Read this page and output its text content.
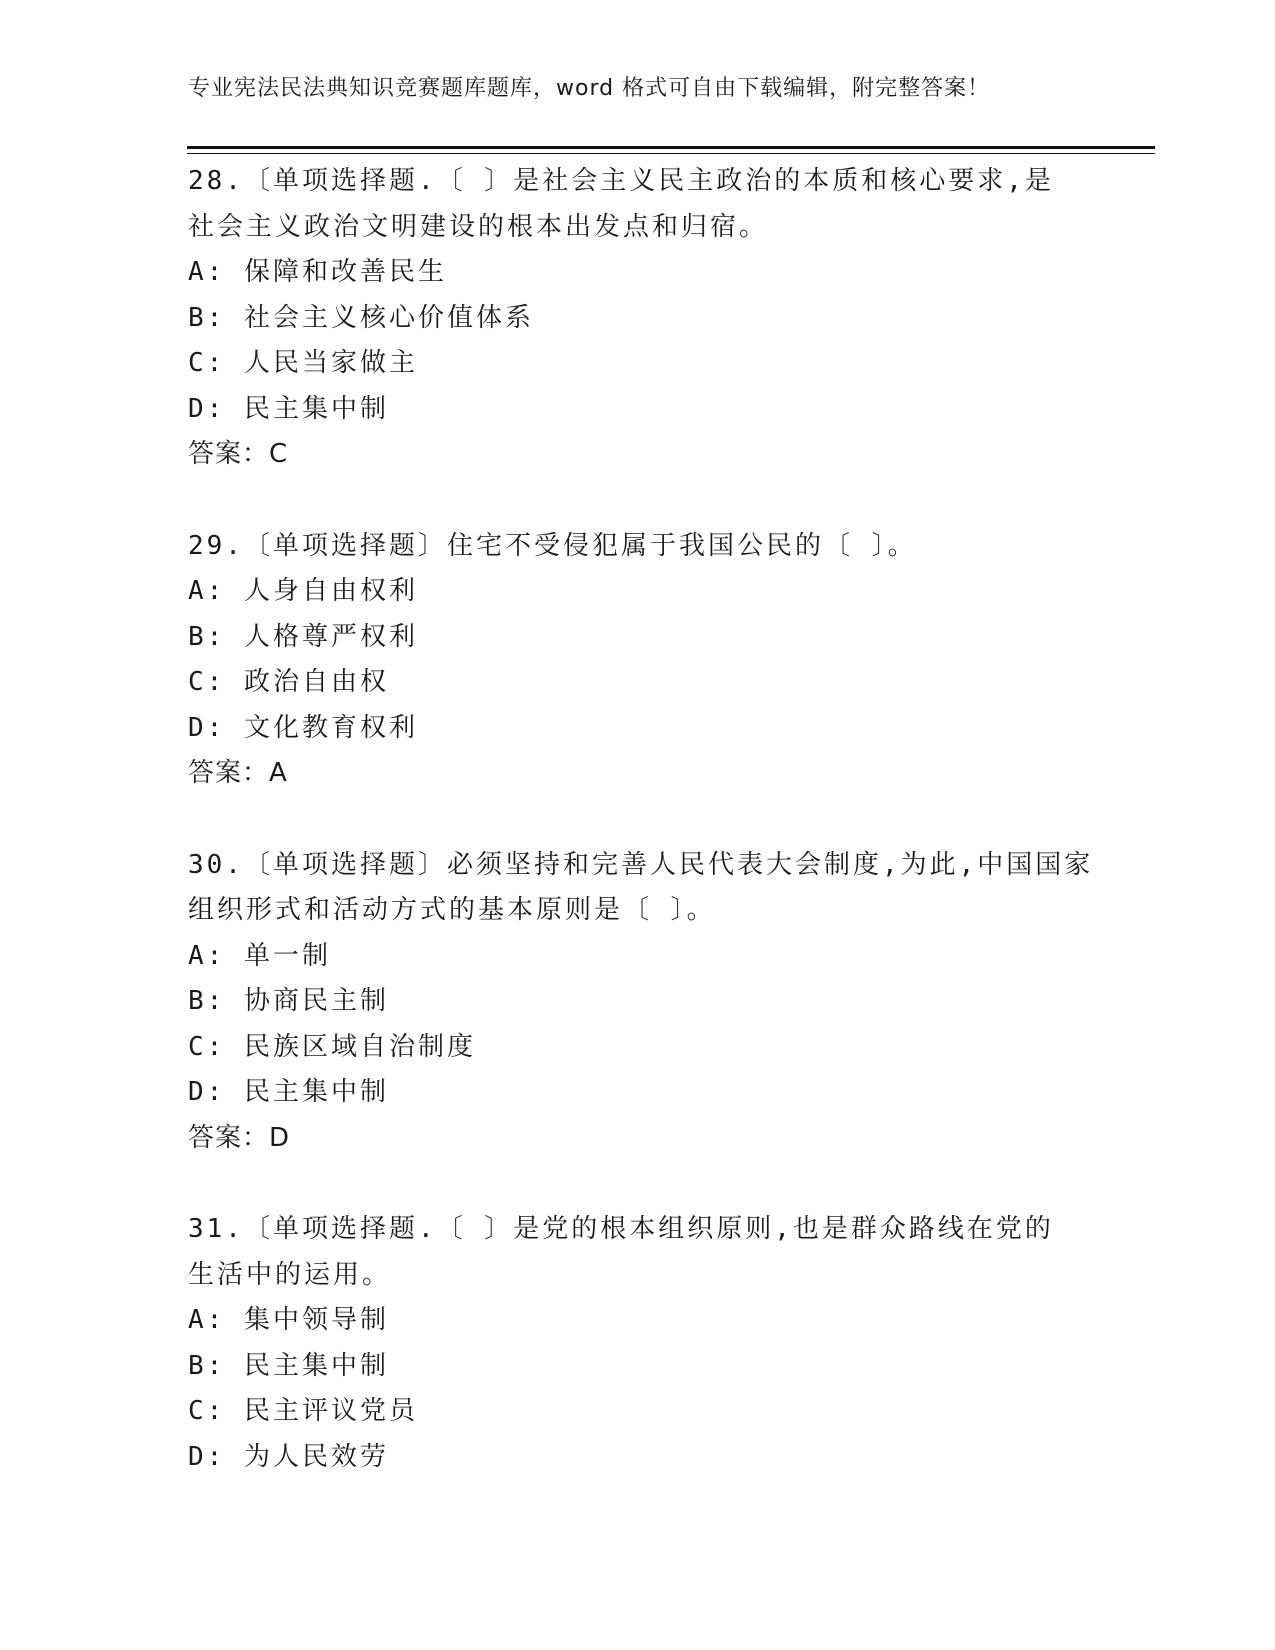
专业宪法民法典知识竞赛题库题库，word 格式可自由下载编辑，附完整答案！
28.〔单项选择题.〔 〕是社会主义民主政治的本质和核心要求,是
社会主义政治文明建设的根本出发点和归宿。
A: 保障和改善民生
B: 社会主义核心价值体系
C: 人民当家做主
D: 民主集中制
答案：C
29.〔单项选择题〕住宅不受侵犯属于我国公民的〔 〕。
A: 人身自由权利
B: 人格尊严权利
C: 政治自由权
D: 文化教育权利
答案：A
30.〔单项选择题〕必须坚持和完善人民代表大会制度,为此,中国国家
组织形式和活动方式的基本原则是〔 〕。
A: 单一制
B: 协商民主制
C: 民族区域自治制度
D: 民主集中制
答案：D
31.〔单项选择题.〔 〕是党的根本组织原则,也是群众路线在党的
生活中的运用。
A: 集中领导制
B: 民主集中制
C: 民主评议党员
D: 为人民效劳
